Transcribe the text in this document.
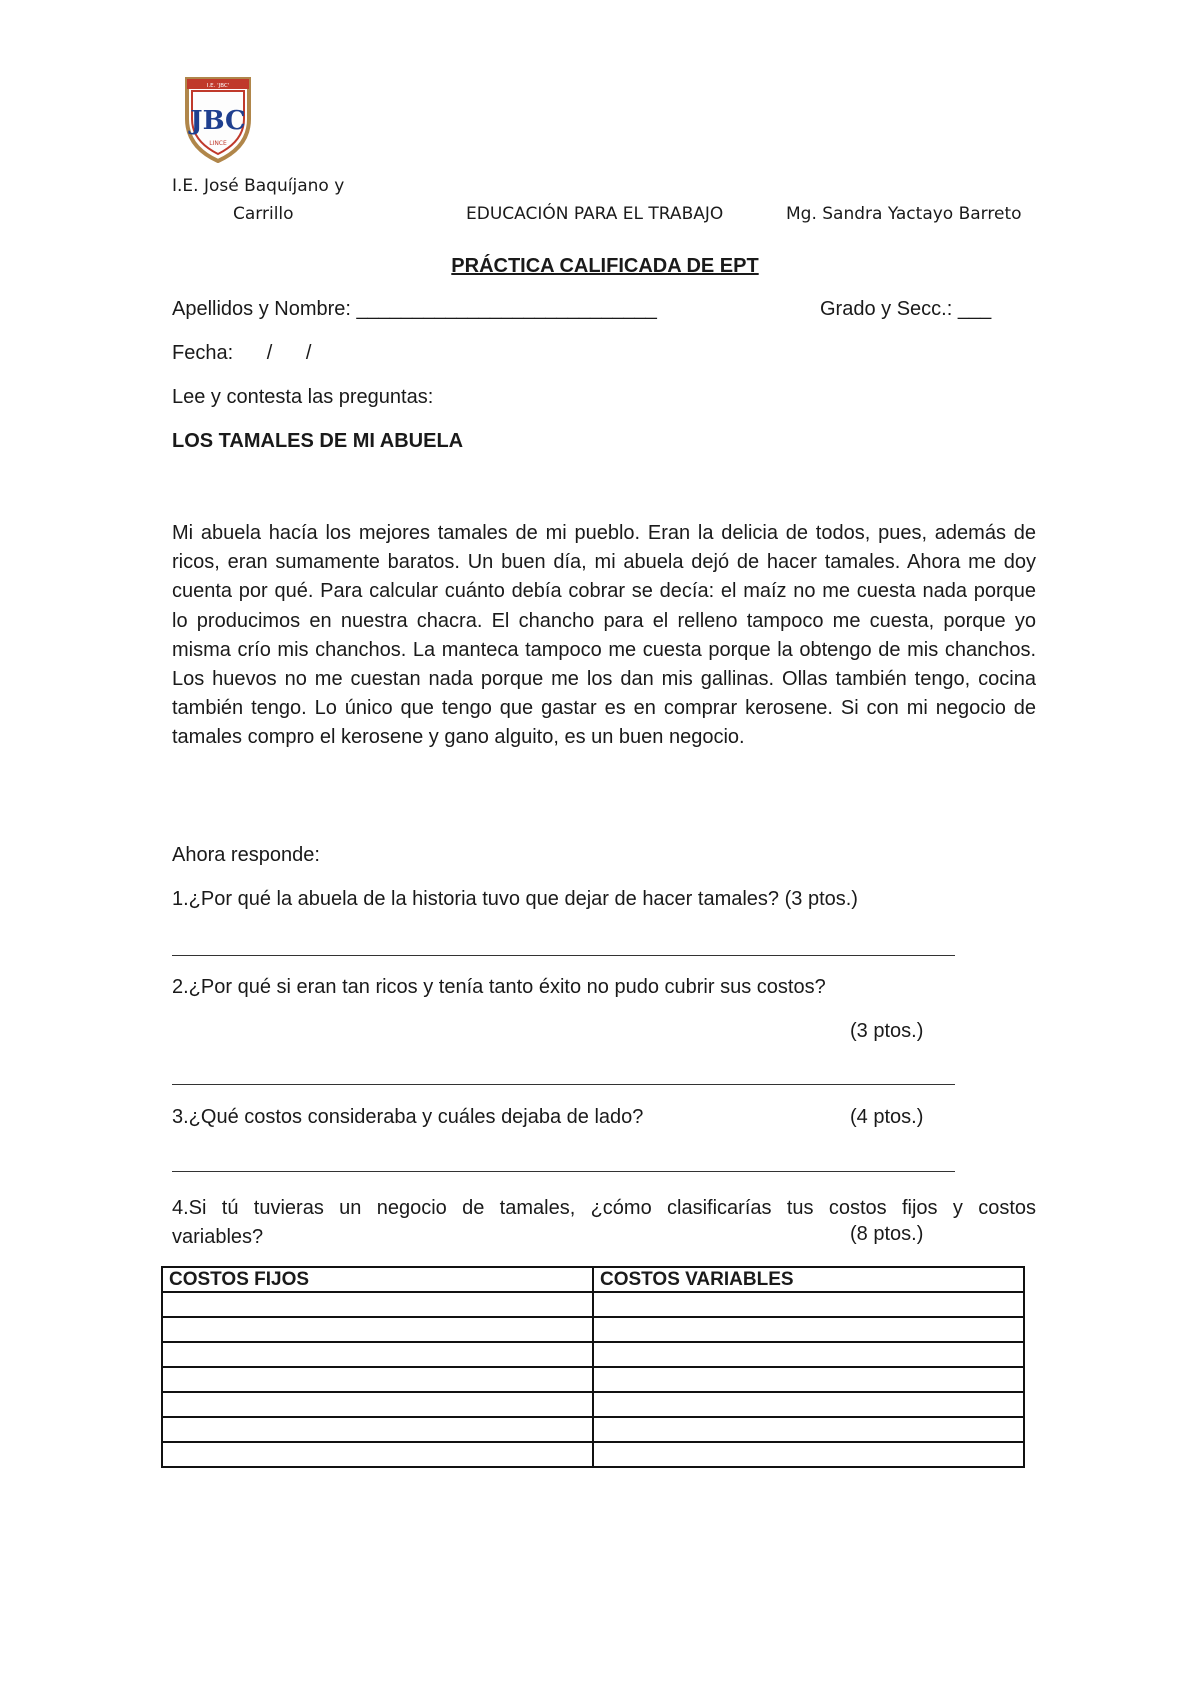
I.E. 'JBC'
JBC
LINCE
I.E. José Baquíjano y
Carrillo	EDUCACIÓN PARA EL TRABAJO	Mg. Sandra Yactayo Barreto
PRÁCTICA CALIFICADA DE EPT
Apellidos y Nombre: ___________________________	Grado y Secc.: ___
Fecha: / /
Lee y contesta las preguntas:
LOS TAMALES DE MI ABUELA
Mi abuela hacía los mejores tamales de mi pueblo. Eran la delicia de todos, pues, además de ricos, eran sumamente baratos. Un buen día, mi abuela dejó de hacer tamales. Ahora me doy cuenta por qué. Para calcular cuánto debía cobrar se decía: el maíz no me cuesta nada porque lo producimos en nuestra chacra. El chancho para el relleno tampoco me cuesta, porque yo misma crío mis chanchos. La manteca tampoco me cuesta porque la obtengo de mis chanchos. Los huevos no me cuestan nada porque me los dan mis gallinas. Ollas también tengo, cocina también tengo. Lo único que tengo que gastar es en comprar kerosene. Si con mi negocio de tamales compro el kerosene y gano alguito, es un buen negocio.
Ahora responde:
1.¿Por qué la abuela de la historia tuvo que dejar de hacer tamales? (3 ptos.)
2.¿Por qué si eran tan ricos y tenía tanto éxito no pudo cubrir sus costos?
(3 ptos.)
3.¿Qué costos consideraba y cuáles dejaba de lado?	(4 ptos.)
4.Si tú tuvieras un negocio de tamales, ¿cómo clasificarías tus costos fijos y costos
variables?	(8 ptos.)
COSTOS FIJOS	COSTOS VARIABLES
